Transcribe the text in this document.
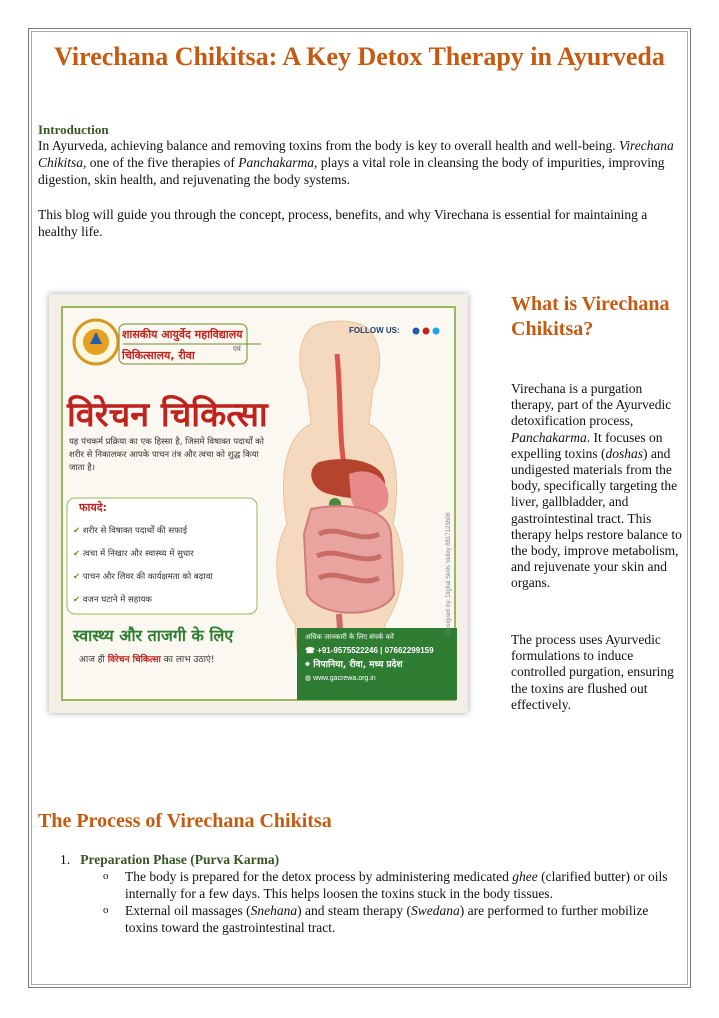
Virechana Chikitsa: A Key Detox Therapy in Ayurveda
Introduction
In Ayurveda, achieving balance and removing toxins from the body is key to overall health and well-being. Virechana Chikitsa, one of the five therapies of Panchakarma, plays a vital role in cleansing the body of impurities, improving digestion, skin health, and rejuvenating the body systems.
This blog will guide you through the concept, process, benefits, and why Virechana is essential for maintaining a healthy life.
शासकीय आयुर्वेद महाविद्यालय
एवं
चिकित्सालय, रीवा
FOLLOW US:
विरेचन चिकित्सा
यह पंचकर्म प्रक्रिया का एक हिस्सा है, जिसमें विषाक्त पदार्थों को शरीर से निकालकर आपके पाचन तंत्र और त्वचा को शुद्ध किया जाता है।
फायदे:
✔ शरीर से विषाक्त पदार्थों की सफाई
✔ त्वचा में निखार और स्वास्थ्य में सुधार
✔ पाचन और लिवर की कार्यक्षमता को बढ़ावा
✔ वजन घटाने में सहायक
स्वास्थ्य और ताजगी के लिए
आज ही विरेचन चिकित्सा का लाभ उठाएं!
अधिक जानकारी के लिए संपर्क करें
☎ +91-9575522246 | 07662299159
⌖ निपानिया, रीवा, मध्य प्रदेश
◍ www.gacrewa.org.in
Designed by: Digital Skills Valley 8817123606
What is Virechana Chikitsa?
Virechana is a purgation therapy, part of the Ayurvedic detoxification process, Panchakarma. It focuses on expelling toxins (doshas) and undigested materials from the body, specifically targeting the liver, gallbladder, and gastrointestinal tract. This therapy helps restore balance to the body, improve metabolism, and rejuvenate your skin and organs.
The process uses Ayurvedic formulations to induce controlled purgation, ensuring the toxins are flushed out effectively.
The Process of Virechana Chikitsa
1. Preparation Phase (Purva Karma)
o The body is prepared for the detox process by administering medicated ghee (clarified butter) or oils internally for a few days. This helps loosen the toxins stuck in the body tissues.
o External oil massages (Snehana) and steam therapy (Swedana) are performed to further mobilize toxins toward the gastrointestinal tract.
